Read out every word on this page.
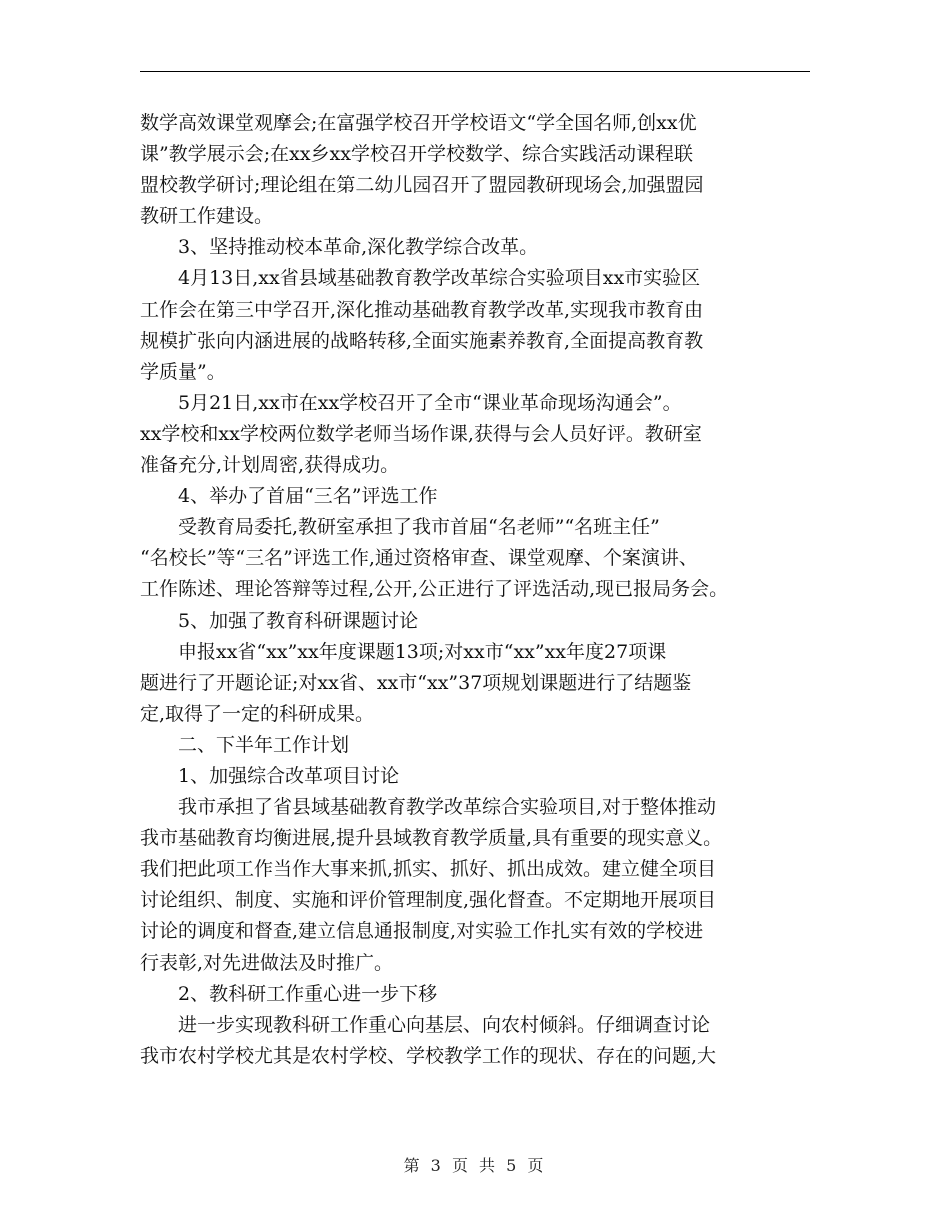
数学高效课堂观摩会;在富强学校召开学校语文“学全国名师,创xx优
课”教学展示会;在xx乡xx学校召开学校数学、综合实践活动课程联
盟校教学研讨;理论组在第二幼儿园召开了盟园教研现场会,加强盟园
教研工作建设。
3、坚持推动校本革命,深化教学综合改革。
4月13日,xx省县域基础教育教学改革综合实验项目xx市实验区
工作会在第三中学召开,深化推动基础教育教学改革,实现我市教育由
规模扩张向内涵进展的战略转移,全面实施素养教育,全面提高教育教
学质量”。
5月21日,xx市在xx学校召开了全市“课业革命现场沟通会”。
xx学校和xx学校两位数学老师当场作课,获得与会人员好评。教研室
准备充分,计划周密,获得成功。
4、举办了首届“三名”评选工作
受教育局委托,教研室承担了我市首届“名老师”“名班主任”
“名校长”等“三名”评选工作,通过资格审查、课堂观摩、个案演讲、
工作陈述、理论答辩等过程,公开,公正进行了评选活动,现已报局务会。
5、加强了教育科研课题讨论
申报xx省“xx”xx年度课题13项;对xx市“xx”xx年度27项课
题进行了开题论证;对xx省、xx市“xx”37项规划课题进行了结题鉴
定,取得了一定的科研成果。
二、下半年工作计划
1、加强综合改革项目讨论
我市承担了省县域基础教育教学改革综合实验项目,对于整体推动
我市基础教育均衡进展,提升县域教育教学质量,具有重要的现实意义。
我们把此项工作当作大事来抓,抓实、抓好、抓出成效。建立健全项目
讨论组织、制度、实施和评价管理制度,强化督查。不定期地开展项目
讨论的调度和督查,建立信息通报制度,对实验工作扎实有效的学校进
行表彰,对先进做法及时推广。
2、教科研工作重心进一步下移
进一步实现教科研工作重心向基层、向农村倾斜。仔细调查讨论
我市农村学校尤其是农村学校、学校教学工作的现状、存在的问题,大
第 3 页 共 5 页
